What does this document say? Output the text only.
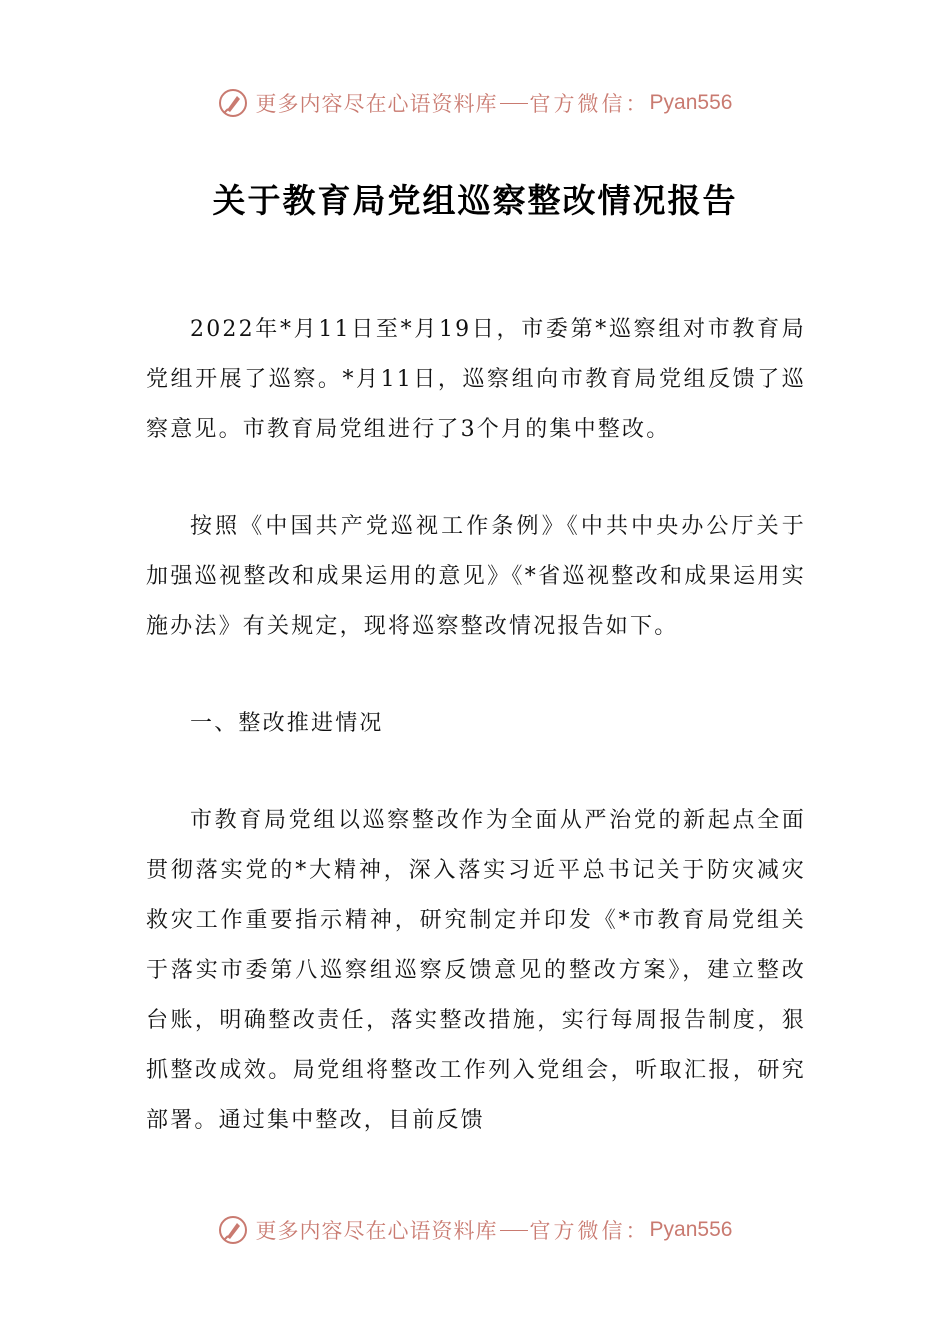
更多内容尽在心语资料库 官方微信： Pyan556
关于教育局党组巡察整改情况报告

2022年*月11日至*月19日，市委第*巡察组对市教育局党组开展了巡察。*月11日，巡察组向市教育局党组反馈了巡察意见。市教育局党组进行了3个月的集中整改。

按照《中国共产党巡视工作条例》《中共中央办公厅关于加强巡视整改和成果运用的意见》《*省巡视整改和成果运用实施办法》有关规定，现将巡察整改情况报告如下。

一、整改推进情况

市教育局党组以巡察整改作为全面从严治党的新起点全面贯彻落实党的*大精神，深入落实习近平总书记关于防灾减灾救灾工作重要指示精神，研究制定并印发《*市教育局党组关于落实市委第八巡察组巡察反馈意见的整改方案》，建立整改台账，明确整改责任，落实整改措施，实行每周报告制度，狠抓整改成效。局党组将整改工作列入党组会，听取汇报，研究部署。通过集中整改，目前反馈

更多内容尽在心语资料库 官方微信： Pyan556
